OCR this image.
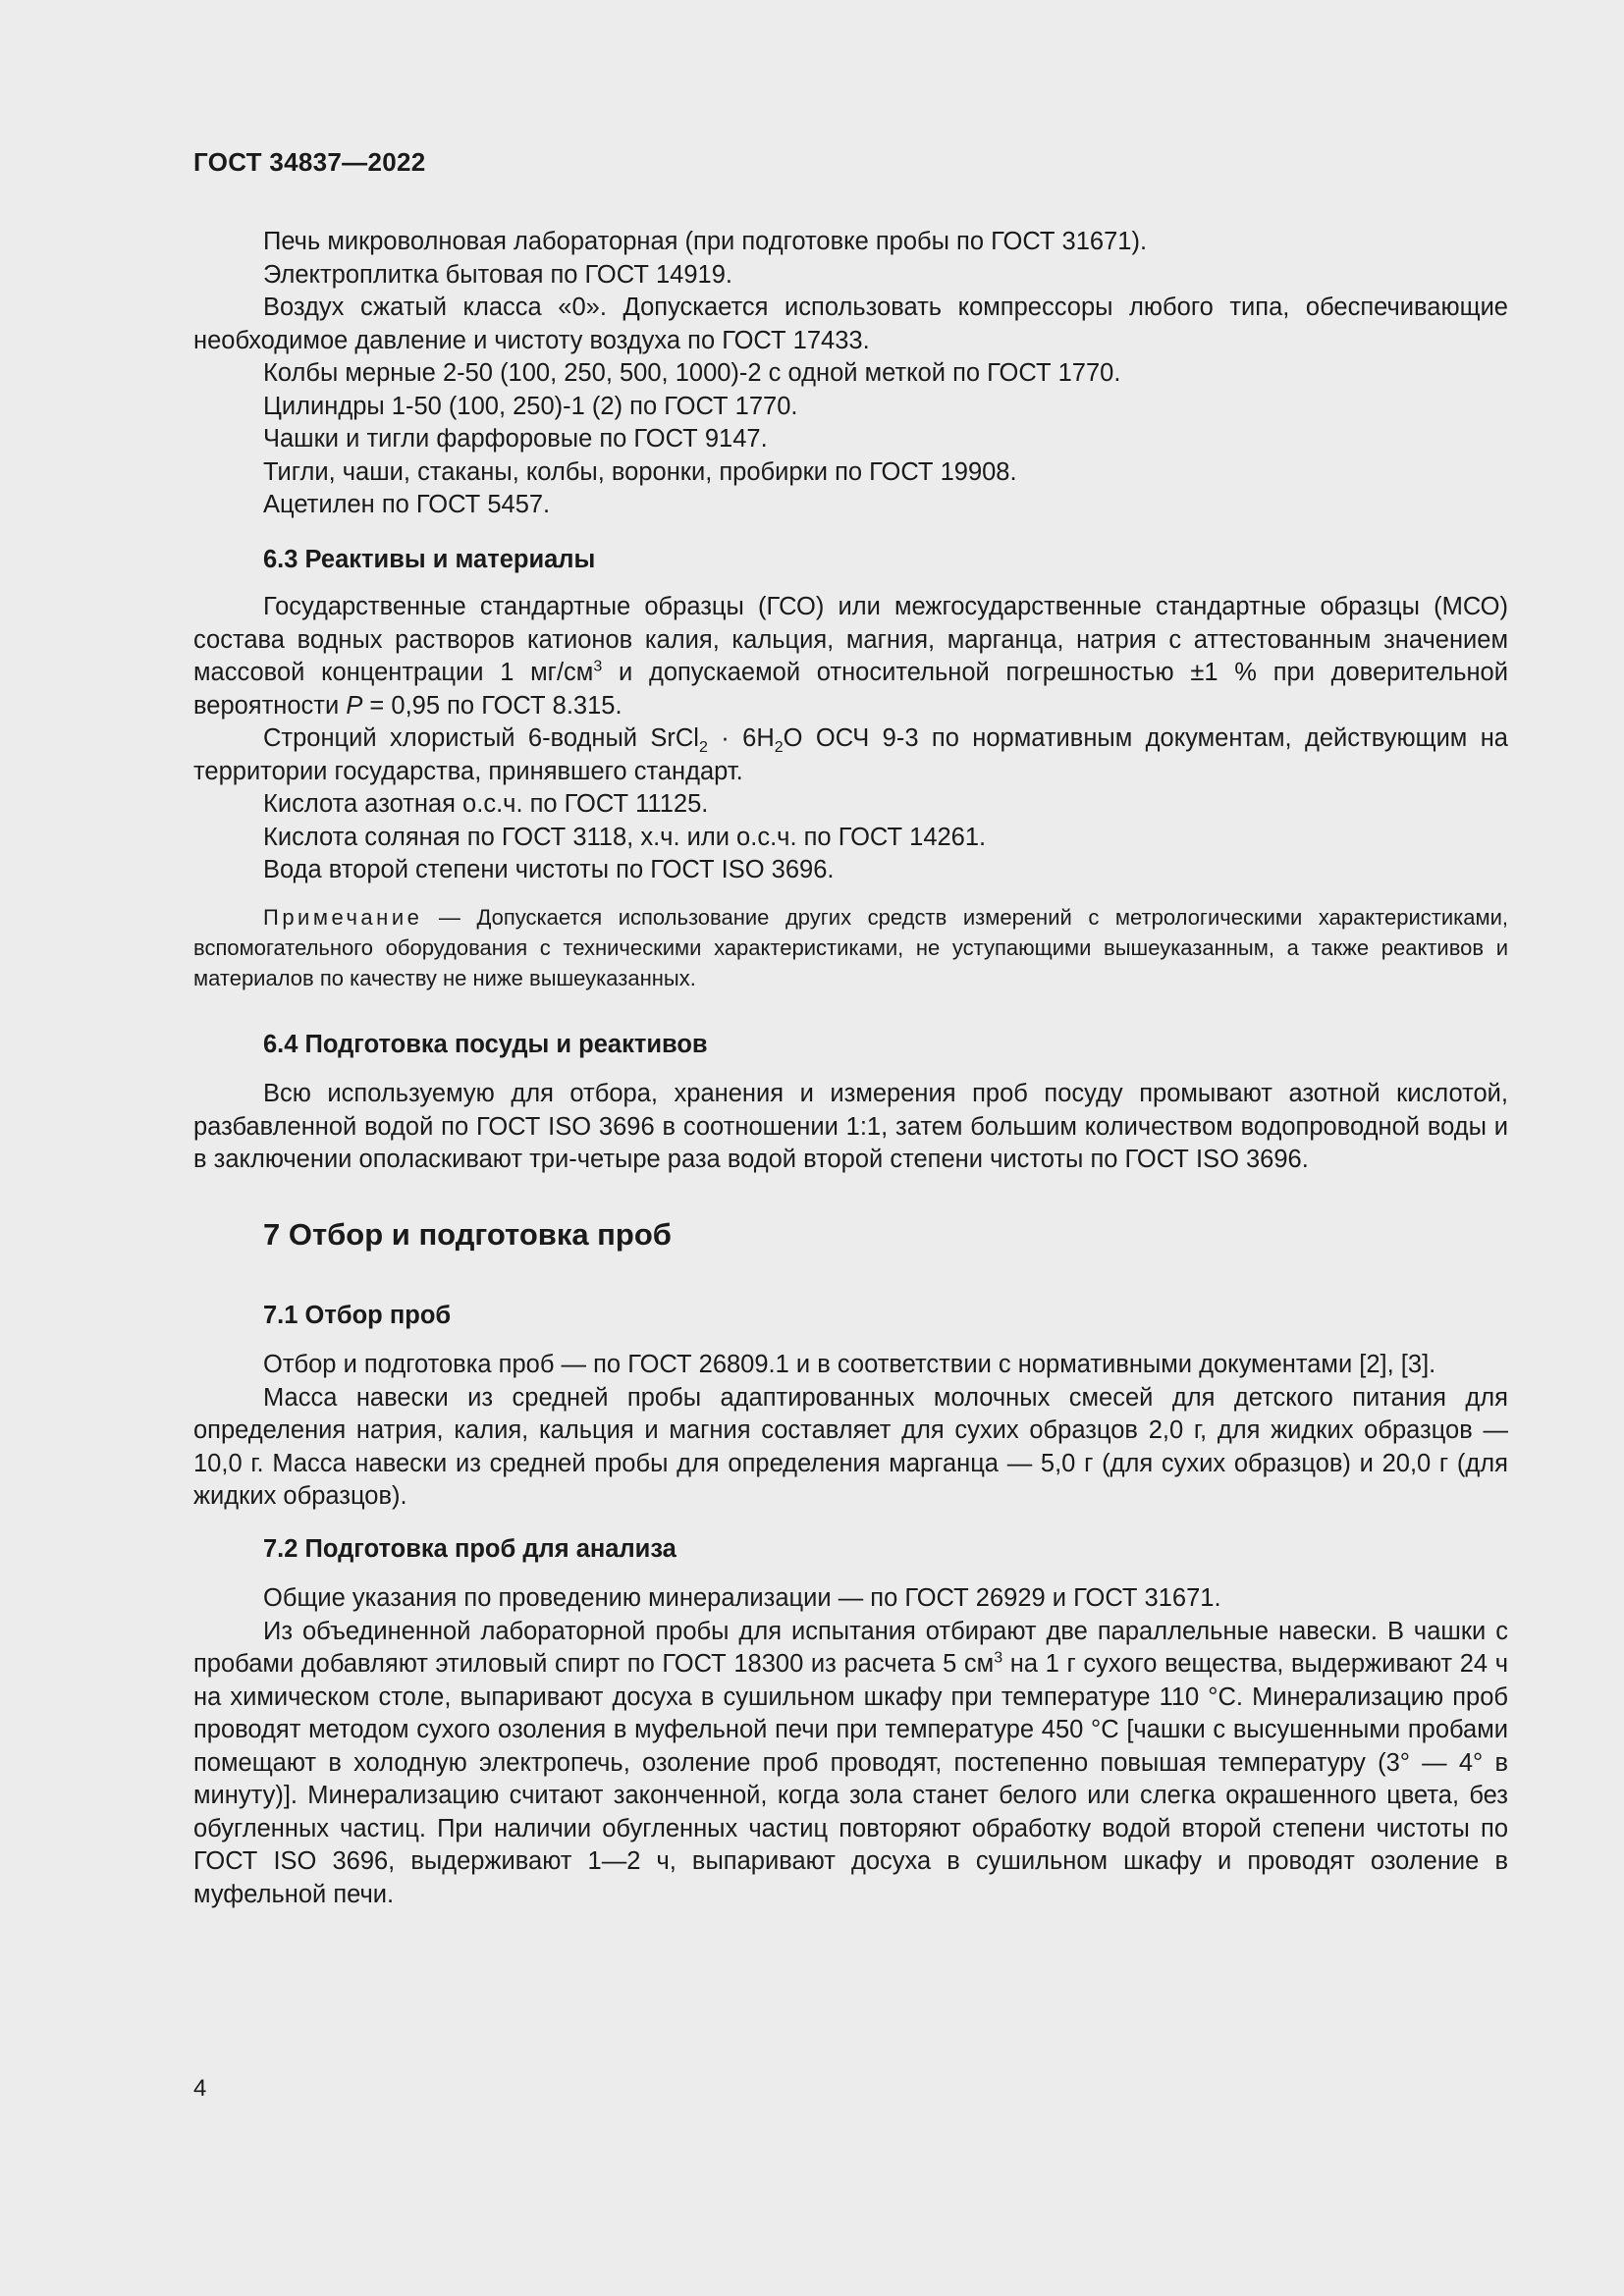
ГОСТ 34837—2022

Печь микроволновая лабораторная (при подготовке пробы по ГОСТ 31671).

Электроплитка бытовая по ГОСТ 14919.

Воздух сжатый класса «0». Допускается использовать компрессоры любого типа, обеспечивающие необходимое давление и чистоту воздуха по ГОСТ 17433.

Колбы мерные 2-50 (100, 250, 500, 1000)-2 с одной меткой по ГОСТ 1770.

Цилиндры 1-50 (100, 250)-1 (2) по ГОСТ 1770.

Чашки и тигли фарфоровые по ГОСТ 9147.

Тигли, чаши, стаканы, колбы, воронки, пробирки по ГОСТ 19908.

Ацетилен по ГОСТ 5457.

6.3 Реактивы и материалы

Государственные стандартные образцы (ГСО) или межгосударственные стандартные образцы (МСО) состава водных растворов катионов калия, кальция, магния, марганца, натрия с аттестованным значением массовой концентрации 1 $мг/см^3$ и допускаемой относительной погрешностью ±1 % при доверительной вероятности P = 0,95 по ГОСТ 8.315.

Стронций хлористый 6-водный SrCl$_2$ · $6H_2O$ ОСЧ 9-3 по нормативным документам, действующим на территории государства, принявшего стандарт.

Кислота азотная о.с.ч. по ГОСТ 11125.

Кислота соляная по ГОСТ 3118, х.ч. или о.с.ч. по ГОСТ 14261.

Вода второй степени чистоты по ГОСТ ISO 3696.

Примечание — Допускается использование других средств измерений с метрологическими характеристиками, вспомогательного оборудования с техническими характеристиками, не уступающими вышеуказанным, а также реактивов и материалов по качеству не ниже вышеуказанных.
6.4 Подготовка посуды и реактивов

Всю используемую для отбора, хранения и измерения проб посуду промывают азотной кислотой, разбавленной водой по ГОСТ ISO 3696 в соотношении 1:1, затем большим количеством водопроводной воды и в заключении ополаскивают три-четыре раза водой второй степени чистоты по ГОСТ ISO 3696.

7 Отбор и подготовка проб
7.1 Отбор проб

Отбор и подготовка проб — по ГОСТ 26809.1 и в соответствии с нормативными документами [2], [3].

Масса навески из средней пробы адаптированных молочных смесей для детского питания для определения натрия, калия, кальция и магния составляет для сухих образцов 2,0 г, для жидких образцов — 10,0 г. Масса навески из средней пробы для определения марганца — 5,0 г (для сухих образцов) и 20,0 г (для жидких образцов).

7.2 Подготовка проб для анализа

Общие указания по проведению минерализации — по ГОСТ 26929 и ГОСТ 31671.

Из объединенной лабораторной пробы для испытания отбирают две параллельные навески. В чашки с пробами добавляют этиловый спирт по ГОСТ 18300 из расчета 5 $см^3$ на 1 г сухого вещества, выдерживают 24 ч на химическом столе, выпаривают досуха в сушильном шкафу при температуре 110 °С. Минерализацию проб проводят методом сухого озоления в муфельной печи при температуре 450 °С [чашки с высушенными пробами помещают в холодную электропечь, озоление проб проводят, постепенно повышая температуру (3° — 4° в минуту)]. Минерализацию считают законченной, когда зола станет белого или слегка окрашенного цвета, без обугленных частиц. При наличии обугленных частиц повторяют обработку водой второй степени чистоты по ГОСТ ISO 3696, выдерживают 1—2 ч, выпаривают досуха в сушильном шкафу и проводят озоление в муфельной печи.

4
